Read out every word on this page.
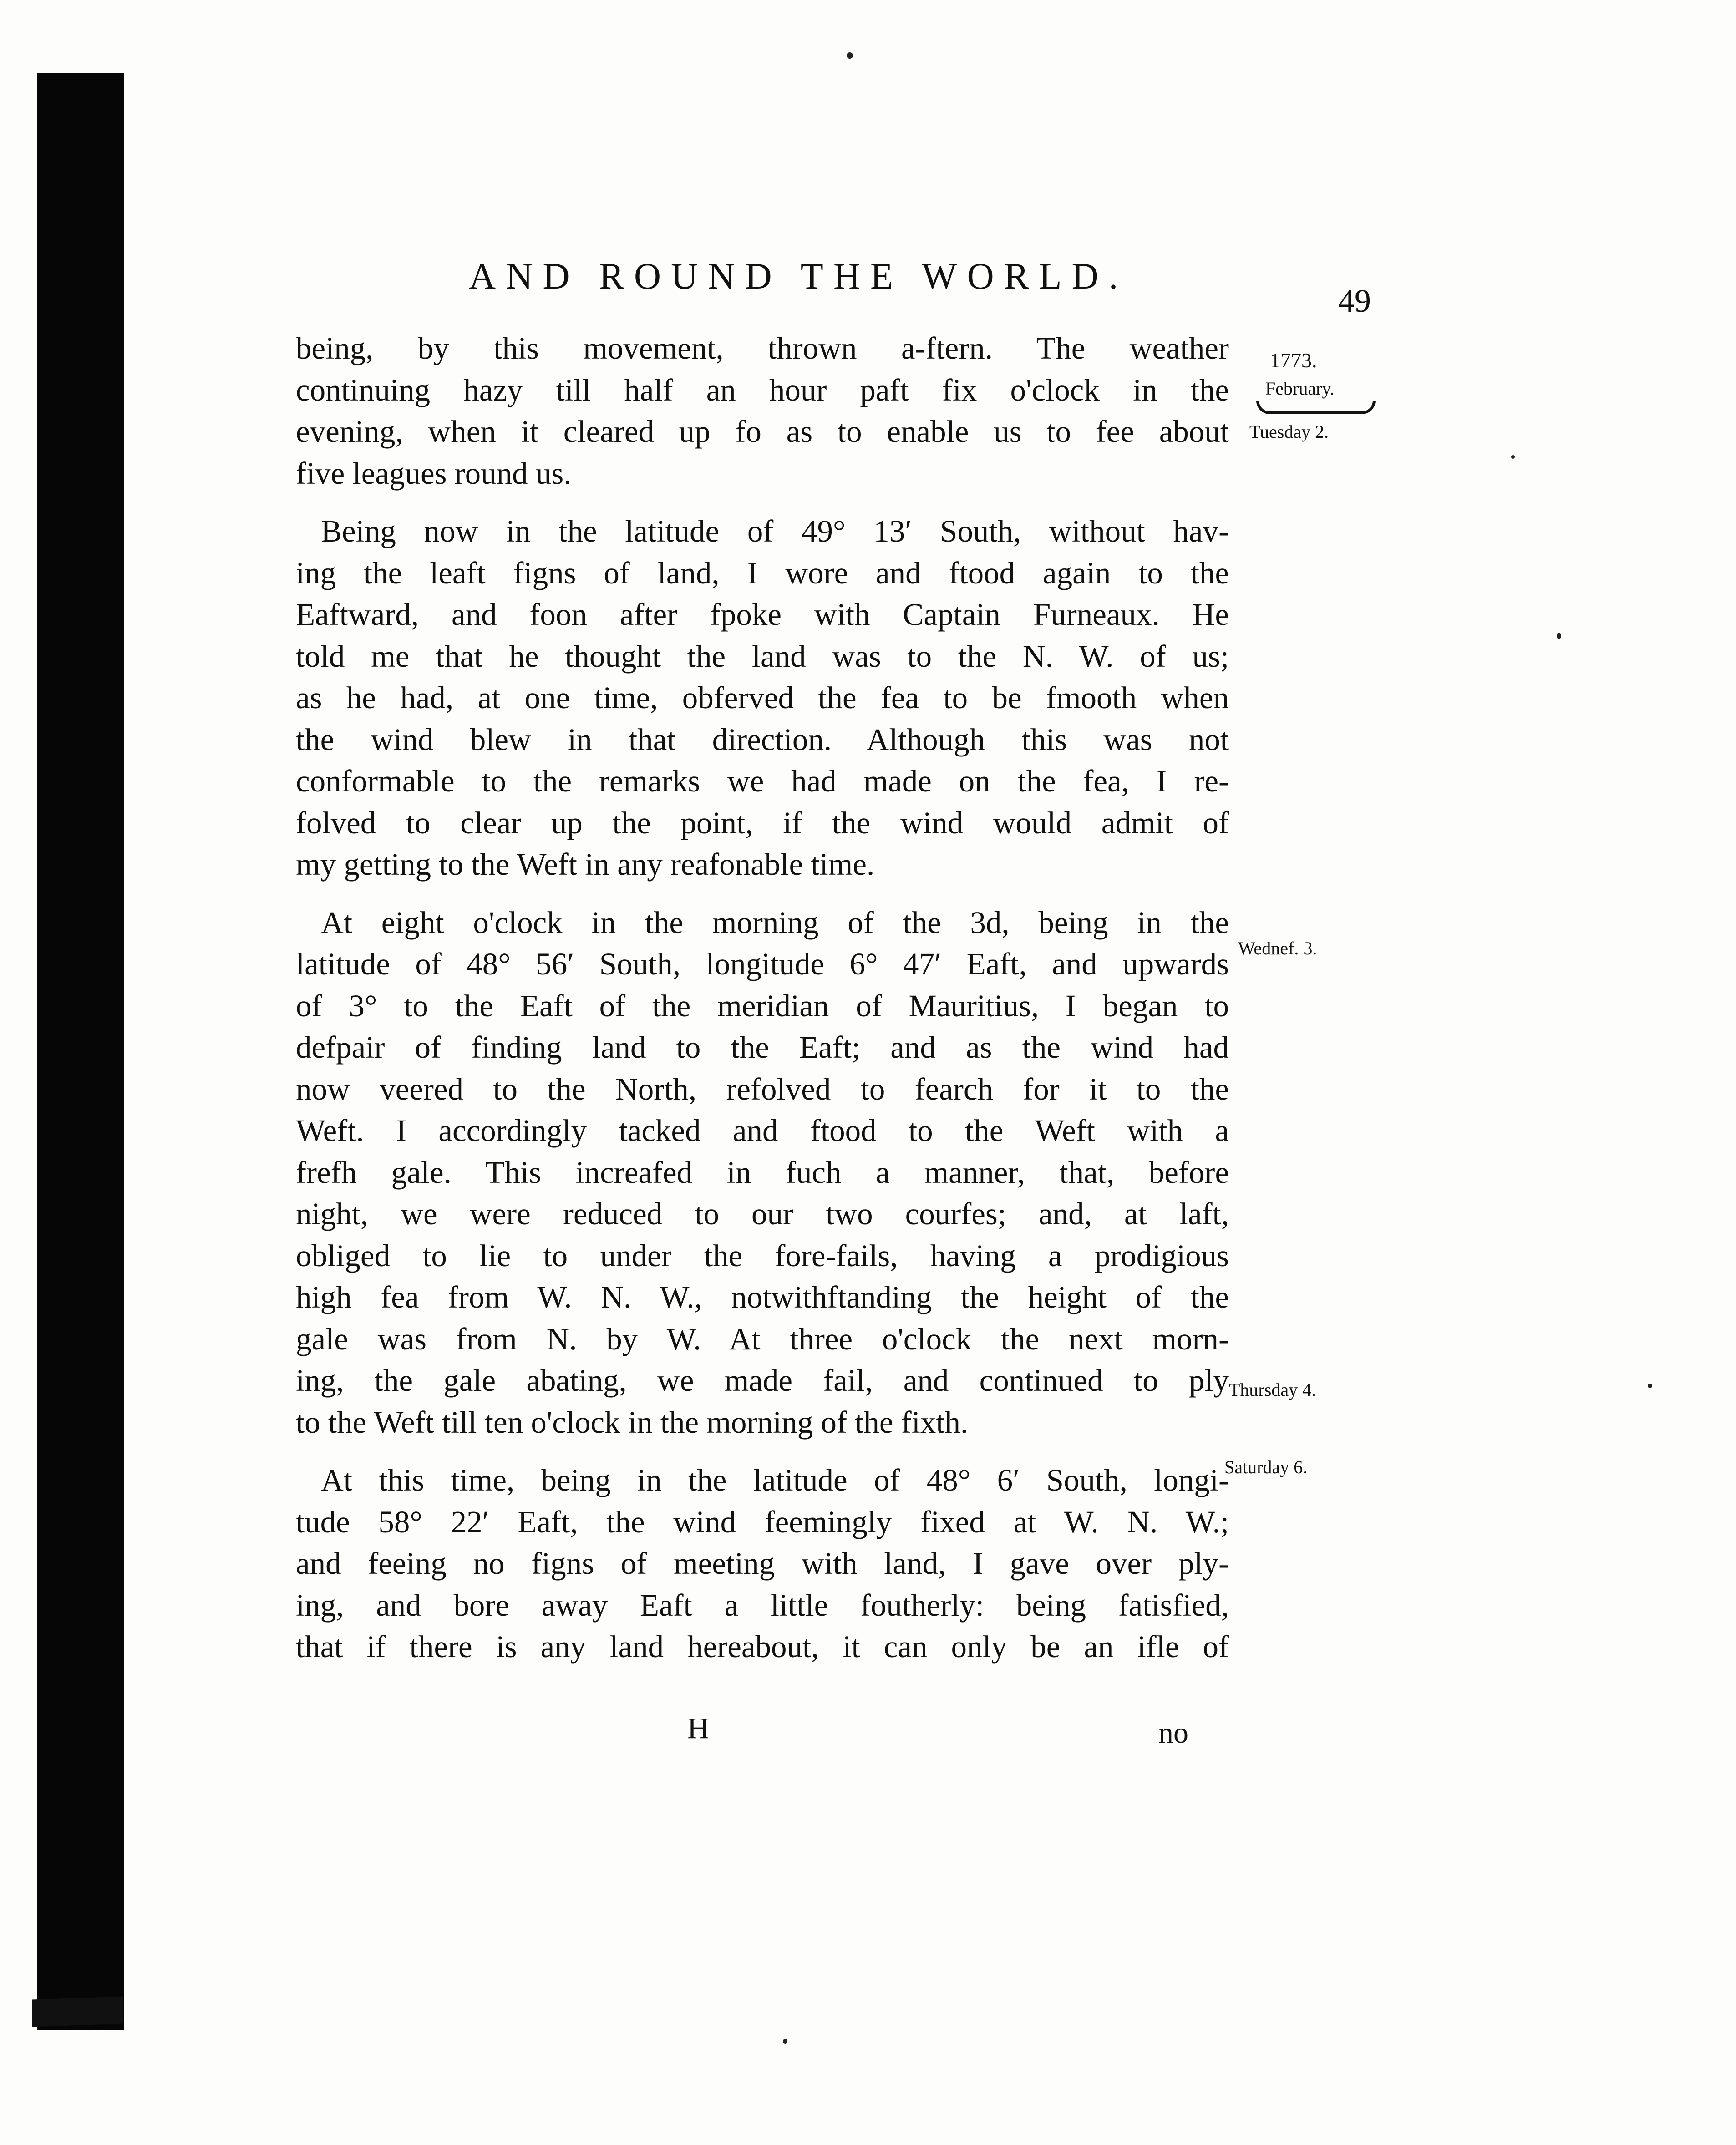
AND ROUND THE WORLD.
49
1773.
February.
Tuesday 2.
Wednef. 3.
Thursday 4.
Saturday 6.
being, by this movement, thrown a-ftern. The weather
continuing hazy till half an hour paft fix o'clock in the
evening, when it cleared up fo as to enable us to fee about
five leagues round us.
Being now in the latitude of 49° 13′ South, without hav-
ing the leaft figns of land, I wore and ftood again to the
Eaftward, and foon after fpoke with Captain Furneaux. He
told me that he thought the land was to the N. W. of us;
as he had, at one time, obferved the fea to be fmooth when
the wind blew in that direction. Although this was not
conformable to the remarks we had made on the fea, I re-
folved to clear up the point, if the wind would admit of
my getting to the Weft in any reafonable time.
At eight o'clock in the morning of the 3d, being in the
latitude of 48° 56′ South, longitude 6° 47′ Eaft, and upwards
of 3° to the Eaft of the meridian of Mauritius, I began to
defpair of finding land to the Eaft; and as the wind had
now veered to the North, refolved to fearch for it to the
Weft. I accordingly tacked and ftood to the Weft with a
frefh gale. This increafed in fuch a manner, that, before
night, we were reduced to our two courfes; and, at laft,
obliged to lie to under the fore-fails, having a prodigious
high fea from W. N. W., notwithftanding the height of the
gale was from N. by W. At three o'clock the next morn-
ing, the gale abating, we made fail, and continued to ply
to the Weft till ten o'clock in the morning of the fixth.
At this time, being in the latitude of 48° 6′ South, longi-
tude 58° 22′ Eaft, the wind feemingly fixed at W. N. W.;
and feeing no figns of meeting with land, I gave over ply-
ing, and bore away Eaft a little foutherly: being fatisfied,
that if there is any land hereabout, it can only be an ifle of
H	no
